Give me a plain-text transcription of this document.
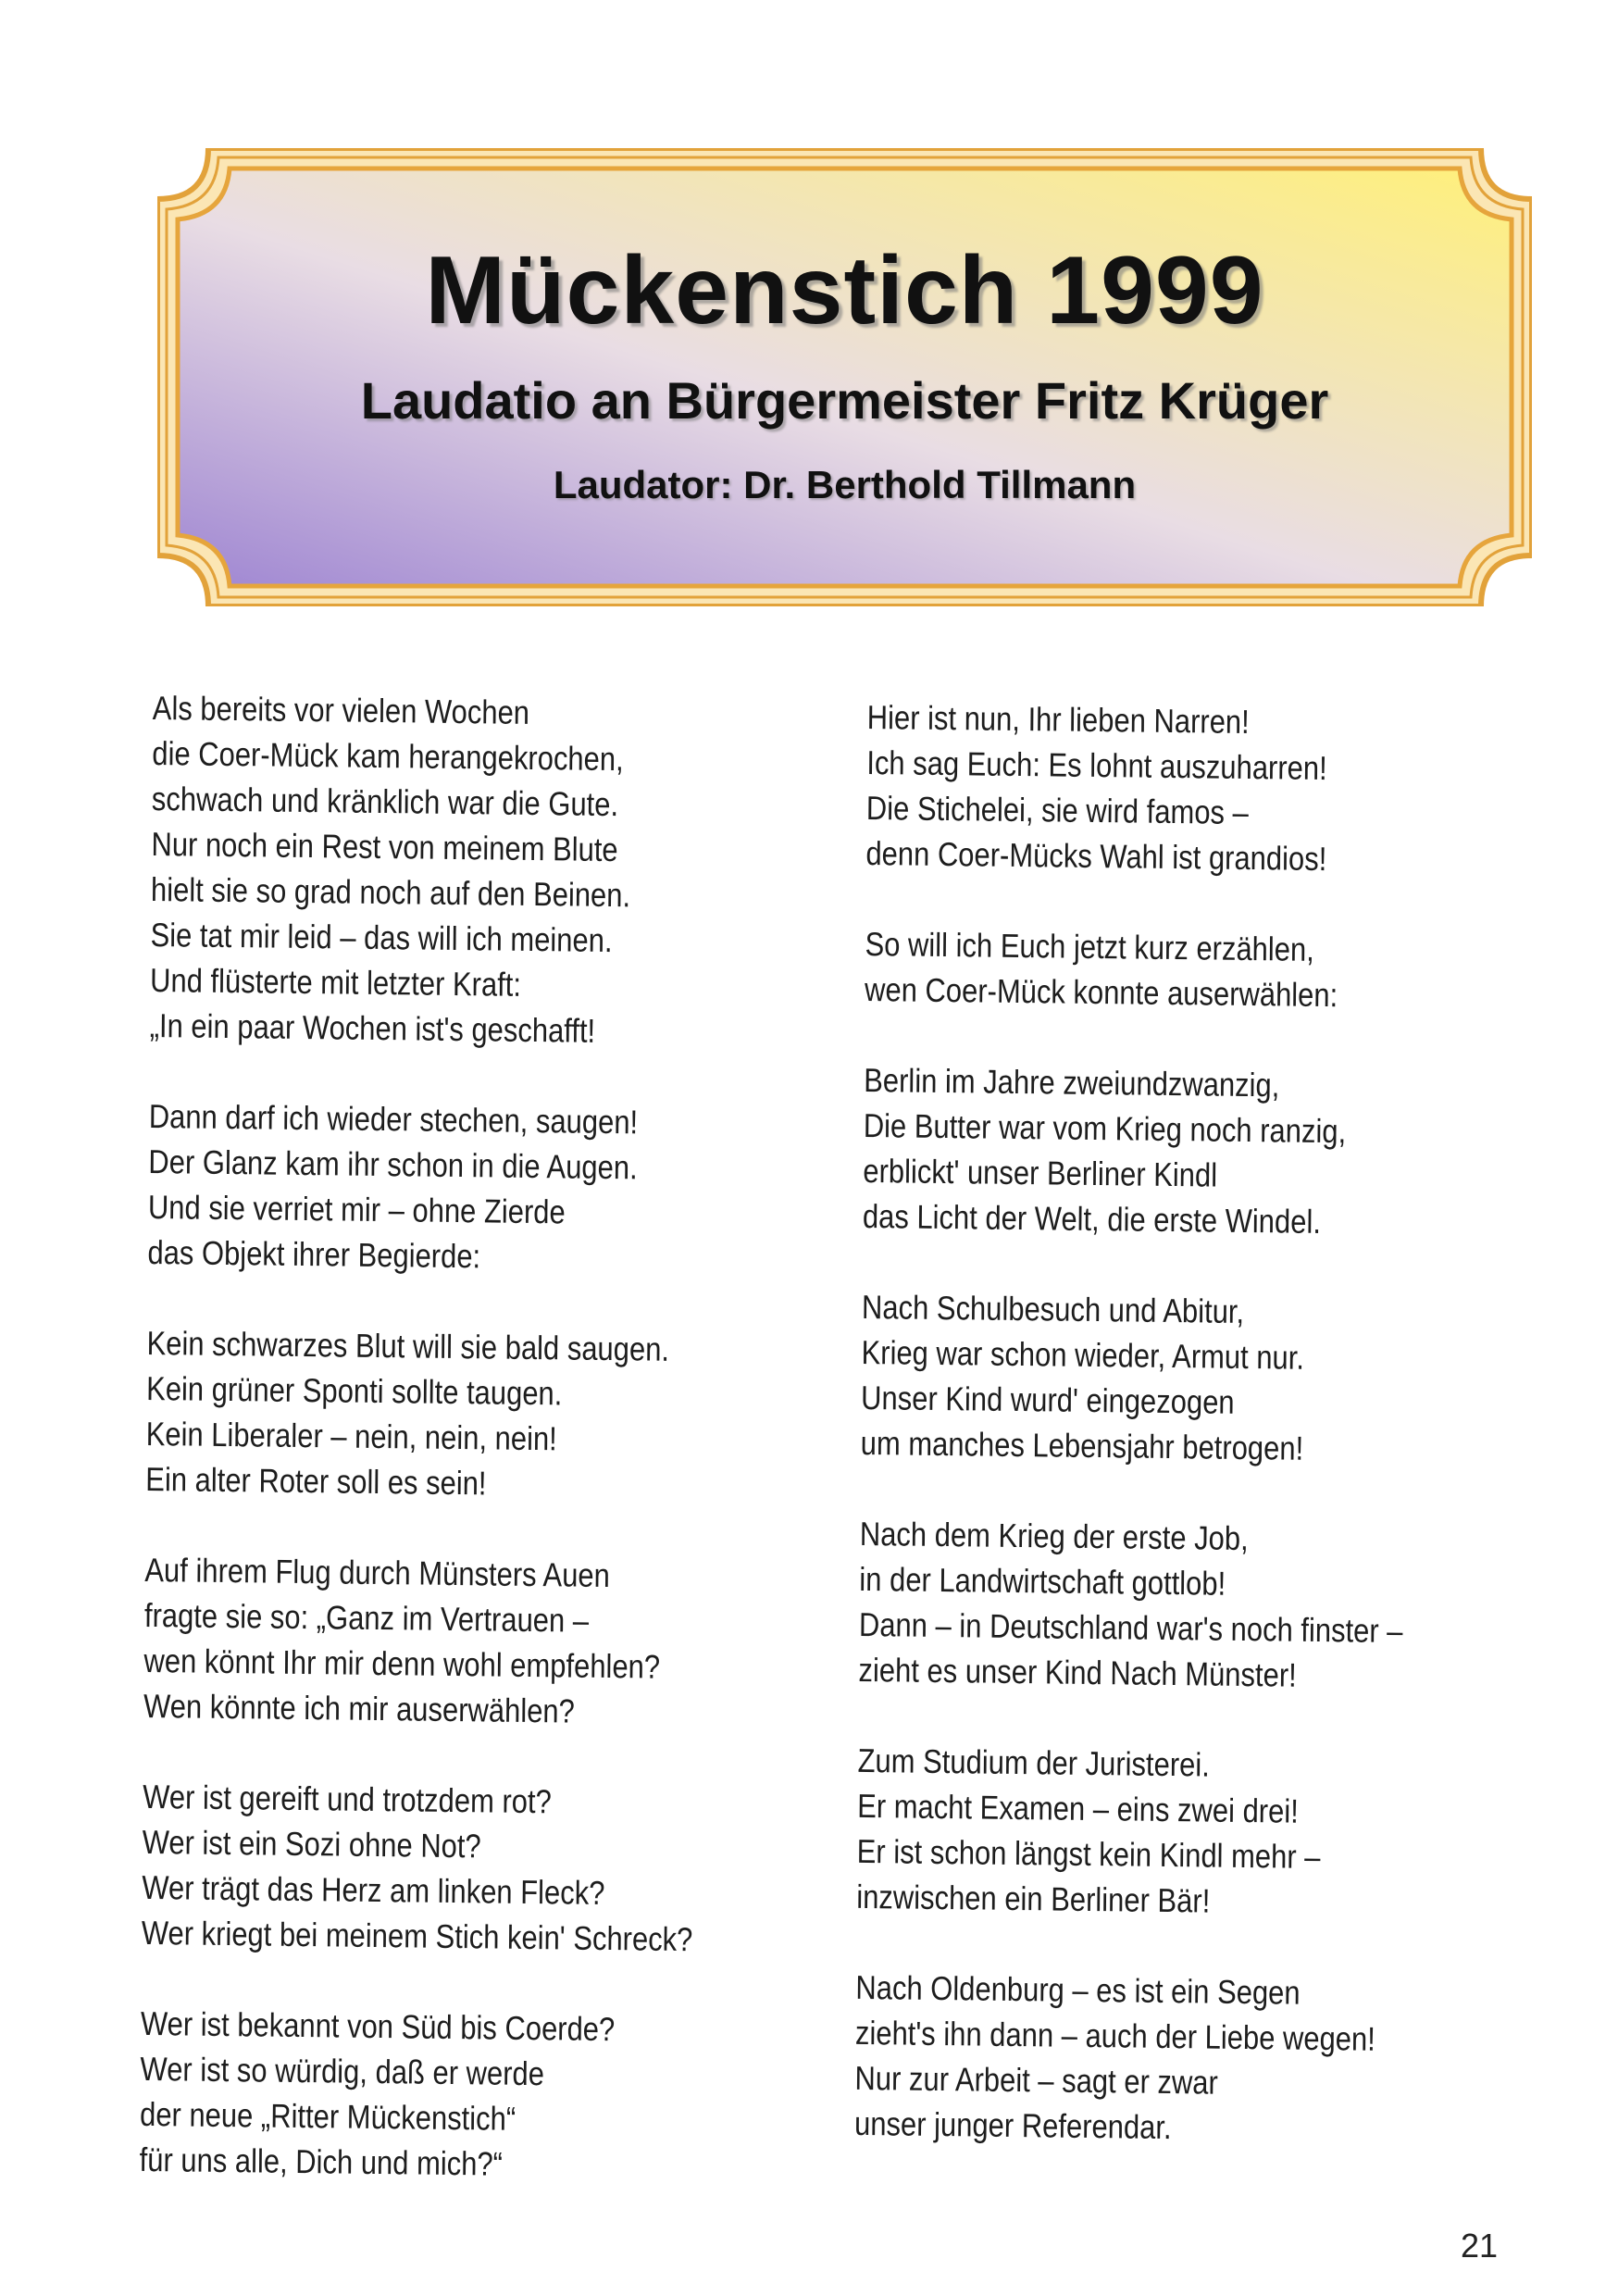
Mückenstich 1999
Laudatio an Bürgermeister Fritz Krüger
Laudator: Dr. Berthold Tillmann
Als bereits vor vielen Wochen
die Coer-Mück kam herangekrochen,
schwach und kränklich war die Gute.
Nur noch ein Rest von meinem Blute
hielt sie so grad noch auf den Beinen.
Sie tat mir leid – das will ich meinen.
Und flüsterte mit letzter Kraft:
„In ein paar Wochen ist's geschafft!
Dann darf ich wieder stechen, saugen!
Der Glanz kam ihr schon in die Augen.
Und sie verriet mir – ohne Zierde
das Objekt ihrer Begierde:
Kein schwarzes Blut will sie bald saugen.
Kein grüner Sponti sollte taugen.
Kein Liberaler – nein, nein, nein!
Ein alter Roter soll es sein!
Auf ihrem Flug durch Münsters Auen
fragte sie so: „Ganz im Vertrauen –
wen könnt Ihr mir denn wohl empfehlen?
Wen könnte ich mir auserwählen?
Wer ist gereift und trotzdem rot?
Wer ist ein Sozi ohne Not?
Wer trägt das Herz am linken Fleck?
Wer kriegt bei meinem Stich kein' Schreck?
Wer ist bekannt von Süd bis Coerde?
Wer ist so würdig, daß er werde
der neue „Ritter Mückenstich“
für uns alle, Dich und mich?“
Hier ist nun, Ihr lieben Narren!
Ich sag Euch: Es lohnt auszuharren!
Die Stichelei, sie wird famos –
denn Coer-Mücks Wahl ist grandios!
So will ich Euch jetzt kurz erzählen,
wen Coer-Mück konnte auserwählen:
Berlin im Jahre zweiundzwanzig,
Die Butter war vom Krieg noch ranzig,
erblickt' unser Berliner Kindl
das Licht der Welt, die erste Windel.
Nach Schulbesuch und Abitur,
Krieg war schon wieder, Armut nur.
Unser Kind wurd' eingezogen
um manches Lebensjahr betrogen!
Nach dem Krieg der erste Job,
in der Landwirtschaft gottlob!
Dann – in Deutschland war's noch finster –
zieht es unser Kind Nach Münster!
Zum Studium der Juristerei.
Er macht Examen – eins zwei drei!
Er ist schon längst kein Kindl mehr –
inzwischen ein Berliner Bär!
Nach Oldenburg – es ist ein Segen
zieht's ihn dann – auch der Liebe wegen!
Nur zur Arbeit – sagt er zwar
unser junger Referendar.
21
